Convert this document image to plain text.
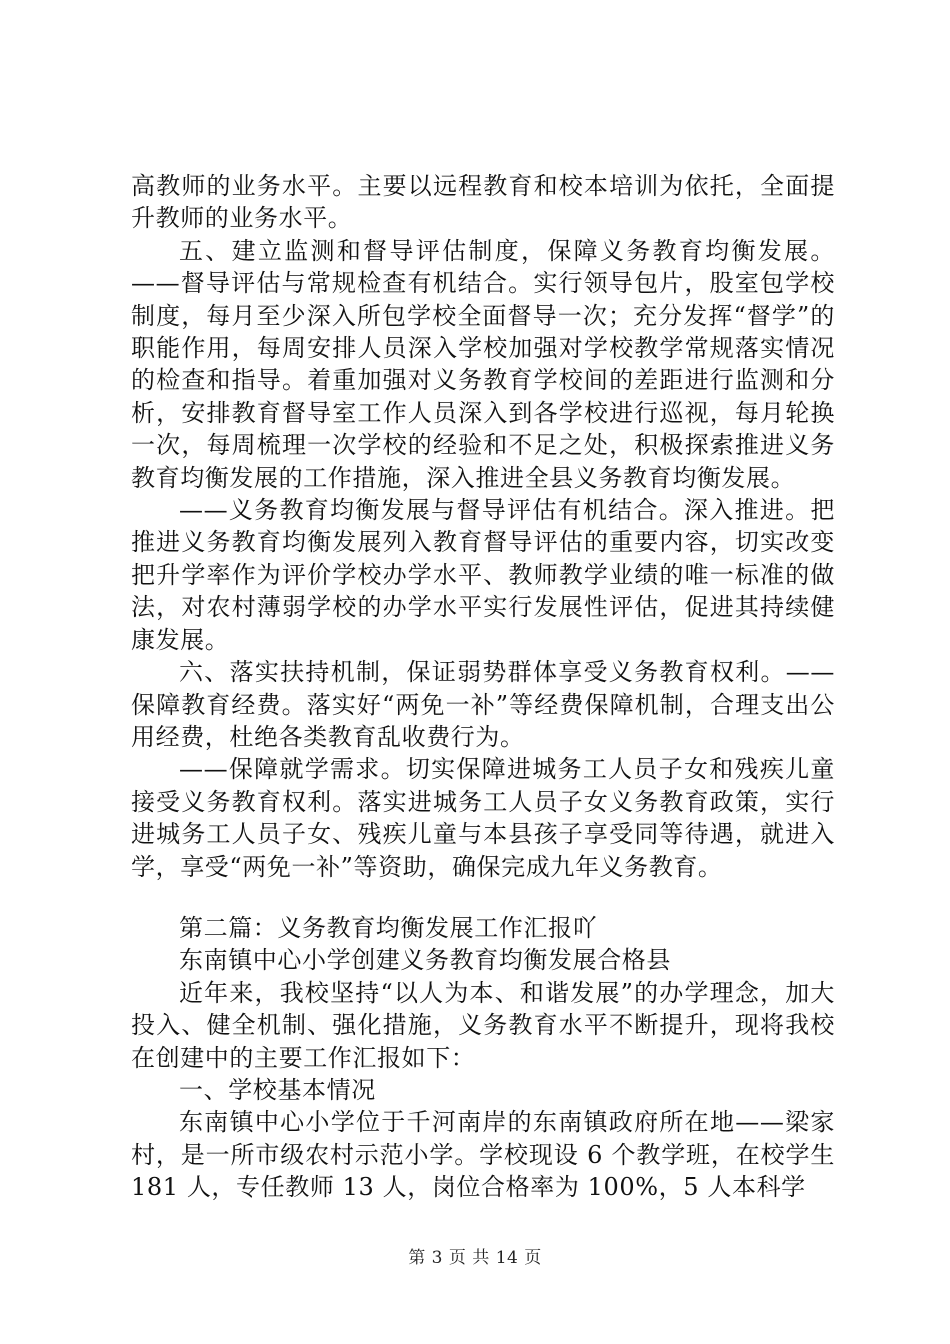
高教师的业务水平。主要以远程教育和校本培训为依托，全面提升教师的业务水平。

五、建立监测和督导评估制度，保障义务教育均衡发展。——督导评估与常规检查有机结合。实行领导包片，股室包学校制度，每月至少深入所包学校全面督导一次；充分发挥“督学”的职能作用，每周安排人员深入学校加强对学校教学常规落实情况的检查和指导。着重加强对义务教育学校间的差距进行监测和分析，安排教育督导室工作人员深入到各学校进行巡视，每月轮换一次，每周梳理一次学校的经验和不足之处，积极探索推进义务教育均衡发展的工作措施，深入推进全县义务教育均衡发展。

——义务教育均衡发展与督导评估有机结合。深入推进。把推进义务教育均衡发展列入教育督导评估的重要内容，切实改变把升学率作为评价学校办学水平、教师教学业绩的唯一标准的做法，对农村薄弱学校的办学水平实行发展性评估，促进其持续健康发展。

六、落实扶持机制，保证弱势群体享受义务教育权利。——保障教育经费。落实好“两免一补”等经费保障机制，合理支出公用经费，杜绝各类教育乱收费行为。

——保障就学需求。切实保障进城务工人员子女和残疾儿童接受义务教育权利。落实进城务工人员子女义务教育政策，实行进城务工人员子女、残疾儿童与本县孩子享受同等待遇，就进入学，享受“两免一补”等资助，确保完成九年义务教育。

第二篇：义务教育均衡发展工作汇报吖

东南镇中心小学创建义务教育均衡发展合格县

近年来，我校坚持“以人为本、和谐发展”的办学理念，加大投入、健全机制、强化措施，义务教育水平不断提升，现将我校在创建中的主要工作汇报如下：

一、学校基本情况

东南镇中心小学位于千河南岸的东南镇政府所在地——梁家村，是一所市级农村示范小学。学校现设 6 个教学班，在校学生 181 人，专任教师 13 人，岗位合格率为 100%，5 人本科学

第 3 页 共 14 页
